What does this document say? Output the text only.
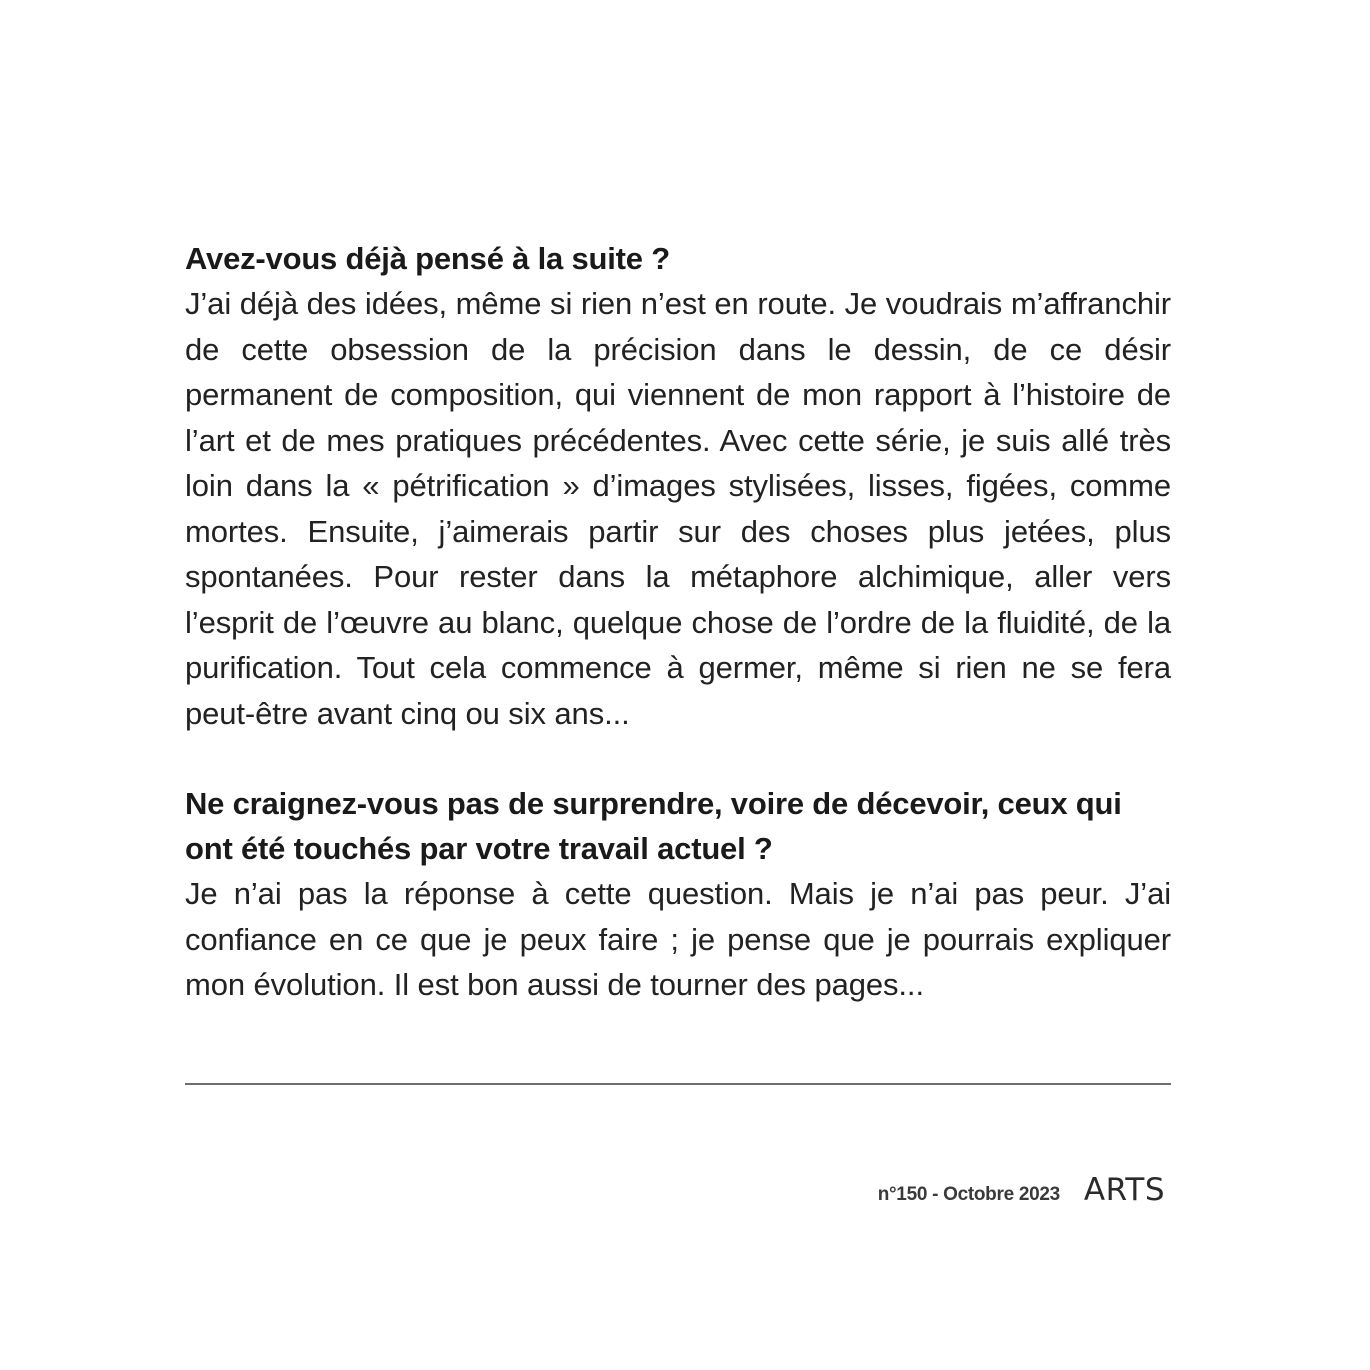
Avez-vous déjà pensé à la suite ?

J’ai déjà des idées, même si rien n’est en route. Je voudrais m’affranchir de cette obsession de la précision dans le dessin, de ce désir permanent de composition, qui viennent de mon rapport à l’histoire de l’art et de mes pratiques précédentes. Avec cette série, je suis allé très loin dans la « pétrification » d’images stylisées, lisses, figées, comme mortes. Ensuite, j’aimerais partir sur des choses plus jetées, plus spontanées. Pour rester dans la métaphore alchimique, aller vers l’esprit de l’œuvre au blanc, quelque chose de l’ordre de la fluidité, de la purification. Tout cela commence à germer, même si rien ne se fera peut-être avant cinq ou six ans...

Ne craignez-vous pas de surprendre, voire de décevoir, ceux qui ont été touchés par votre travail actuel ?

Je n’ai pas la réponse à cette question. Mais je n’ai pas peur. J’ai confiance en ce que je peux faire ; je pense que je pourrais expliquer mon évolution. Il est bon aussi de tourner des pages...

n°150 - Octobre 2023 ARTS
